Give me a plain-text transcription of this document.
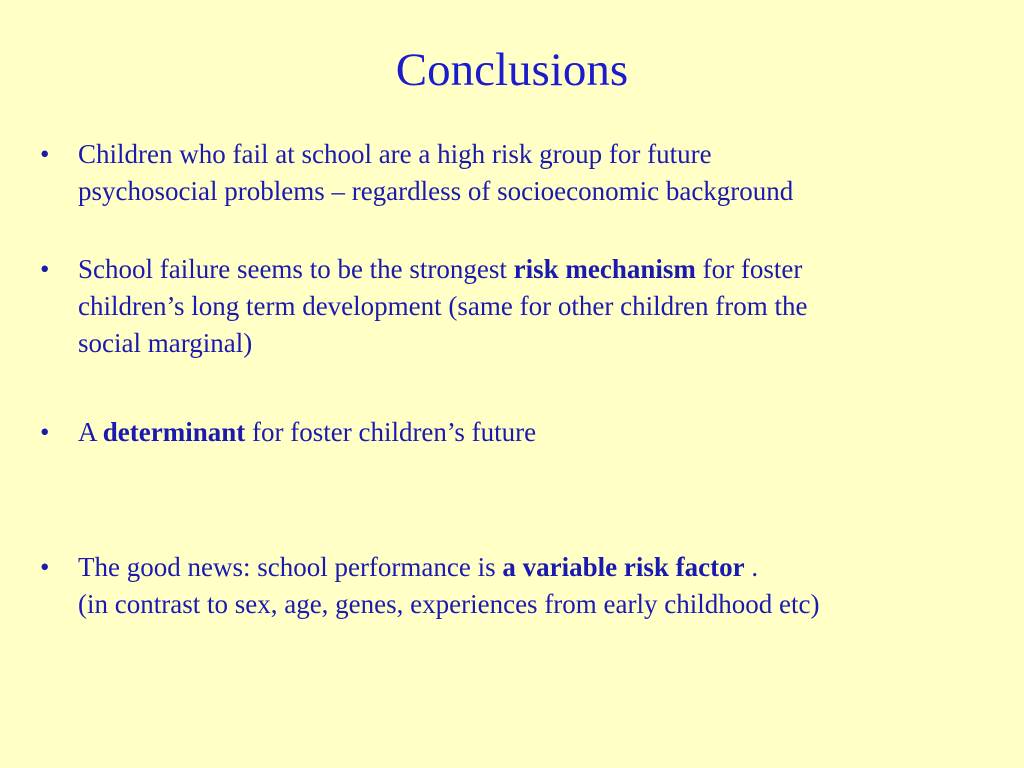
Conclusions
•	Children who fail at school are a high risk group for future
psychosocial problems – regardless of socioeconomic background
•	School failure seems to be the strongest risk mechanism for foster
children’s long term development (same for other children from the
social marginal)
•	A determinant for foster children’s future
•	The good news: school performance is a variable risk factor .
(in contrast to sex, age, genes, experiences from early childhood etc)
